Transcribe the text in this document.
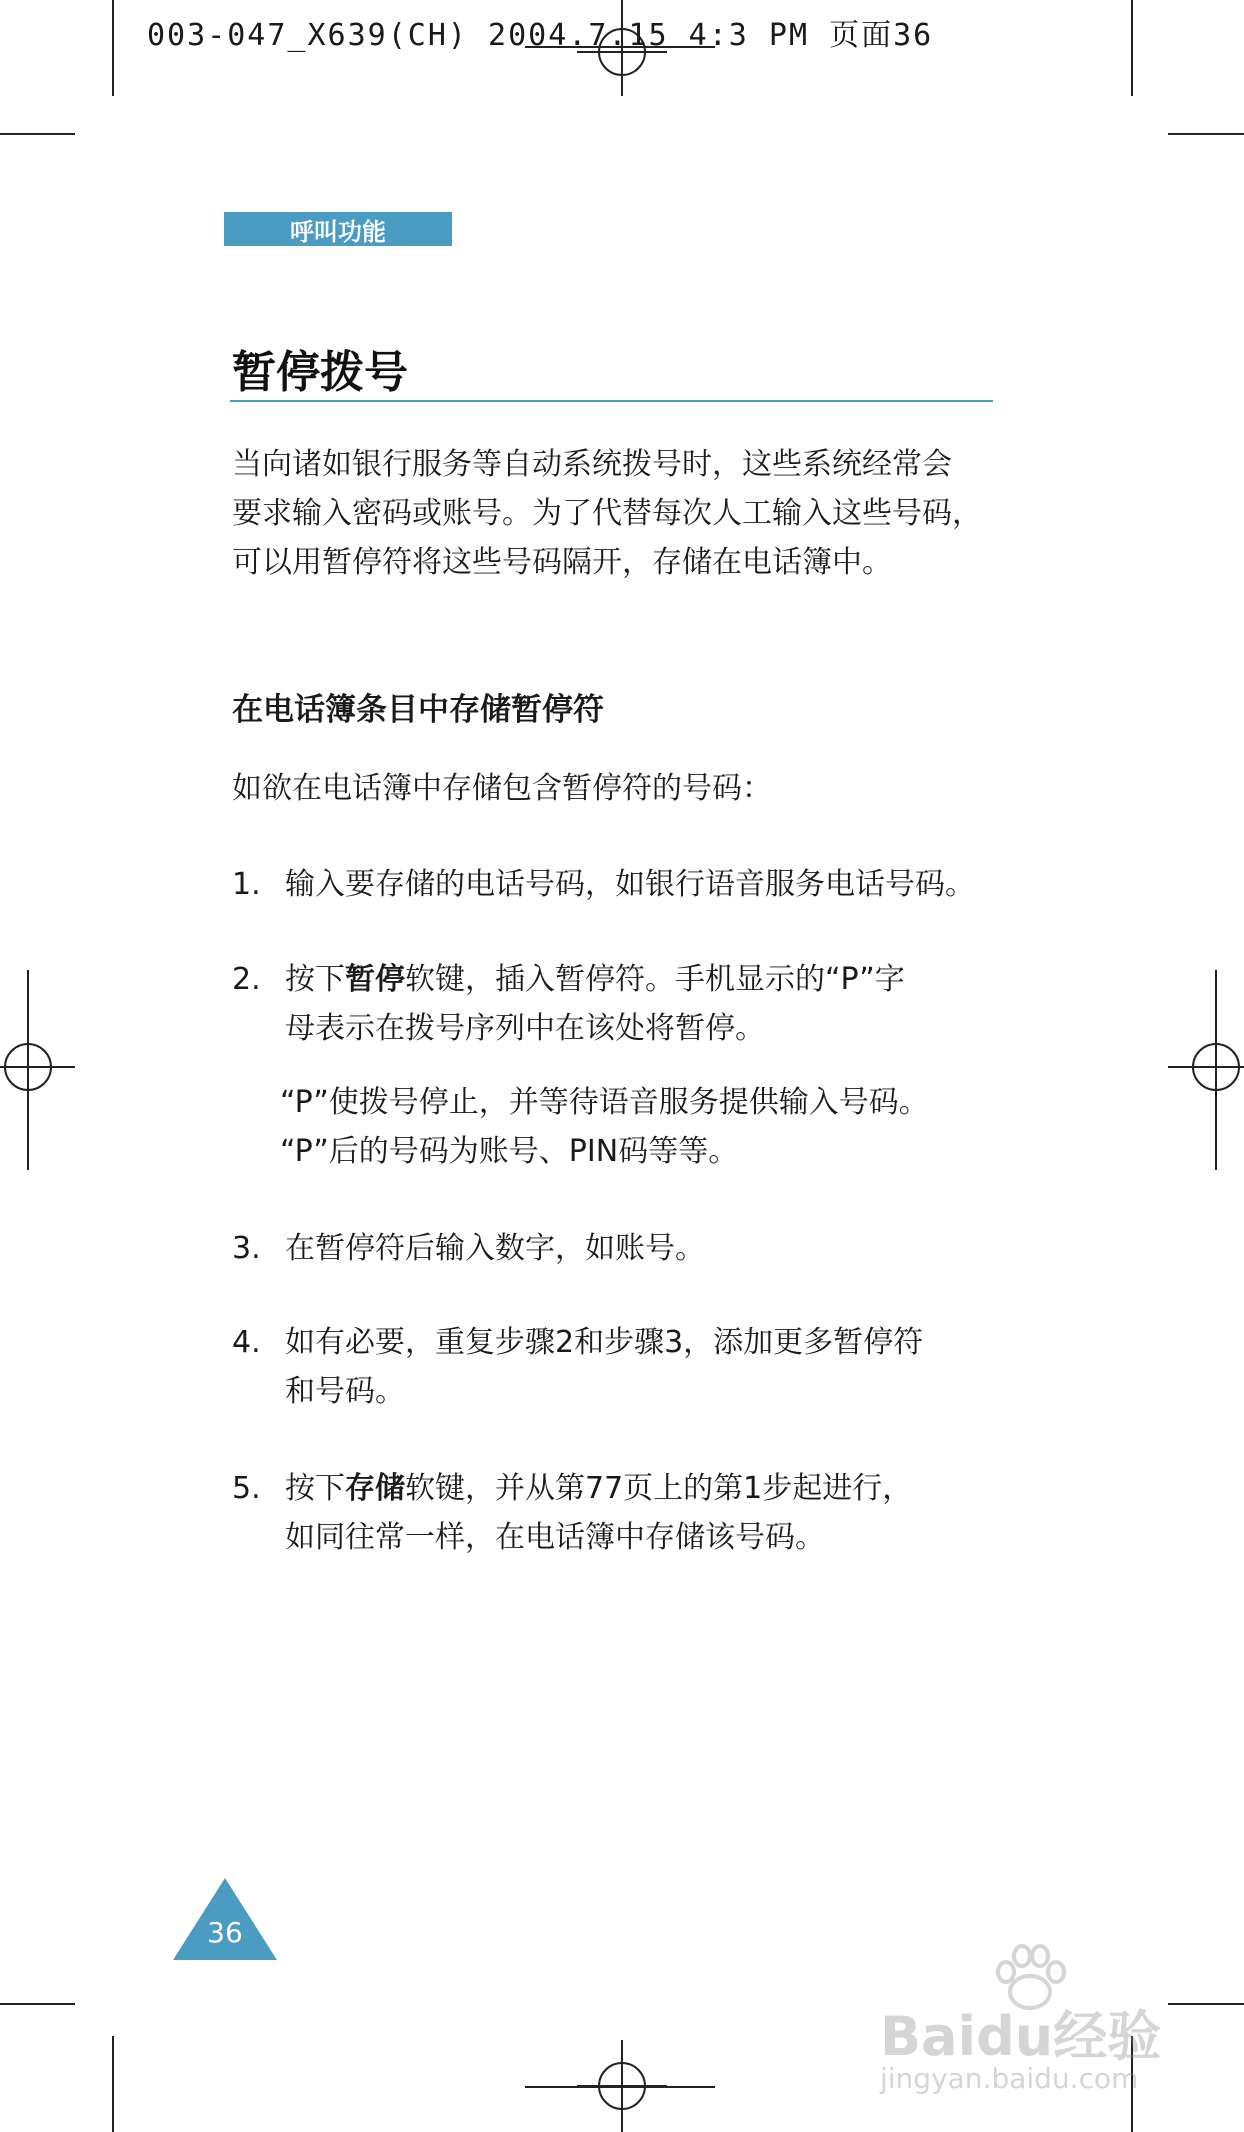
003-047_X639(CH) 2004.7.15 4:3 PM 页面36
呼叫功能
暂停拨号
当向诸如银行服务等自动系统拨号时，这些系统经常会
要求输入密码或账号。为了代替每次人工输入这些号码，
可以用暂停符将这些号码隔开，存储在电话簿中。
在电话簿条目中存储暂停符
如欲在电话簿中存储包含暂停符的号码：
1. 输入要存储的电话号码，如银行语音服务电话号码。
2. 按下暂停软键，插入暂停符。手机显示的“P”字
母表示在拨号序列中在该处将暂停。
“P”使拨号停止，并等待语音服务提供输入号码。
“P”后的号码为账号、PIN码等等。
3. 在暂停符后输入数字，如账号。
4. 如有必要，重复步骤2和步骤3，添加更多暂停符
和号码。
5. 按下存储软键，并从第77页上的第1步起进行，
如同往常一样，在电话簿中存储该号码。
36
Baidu经验
jingyan.baidu.com
